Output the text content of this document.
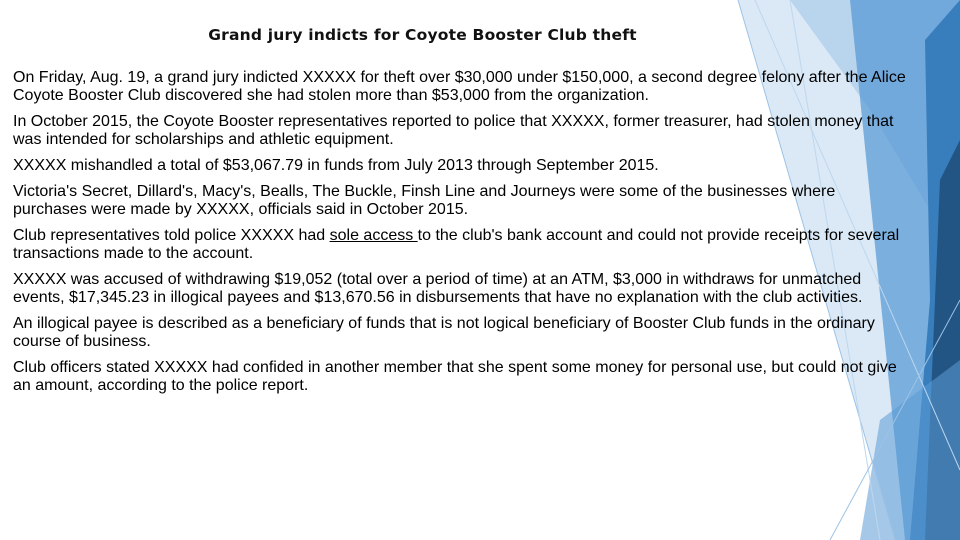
Grand jury indicts for Coyote Booster Club theft

On Friday, Aug. 19, a grand jury indicted XXXXX for theft over $30,000 under $150,000, a second degree felony after the Alice Coyote Booster Club discovered she had stolen more than $53,000 from the organization.

In October 2015, the Coyote Booster representatives reported to police that XXXXX, former treasurer, had stolen money that was intended for scholarships and athletic equipment.

XXXXX mishandled a total of $53,067.79 in funds from July 2013 through September 2015.

Victoria's Secret, Dillard's, Macy's, Bealls, The Buckle, Finsh Line and Journeys were some of the businesses where purchases were made by XXXXX, officials said in October 2015.

Club representatives told police XXXXX had sole access to the club's bank account and could not provide receipts for several transactions made to the account.

XXXXX was accused of withdrawing $19,052 (total over a period of time) at an ATM, $3,000 in withdraws for unmatched events, $17,345.23 in illogical payees and $13,670.56 in disbursements that have no explanation with the club activities.

An illogical payee is described as a beneficiary of funds that is not logical beneficiary of Booster Club funds in the ordinary course of business.

Club officers stated XXXXX had confided in another member that she spent some money for personal use, but could not give an amount, according to the police report.
